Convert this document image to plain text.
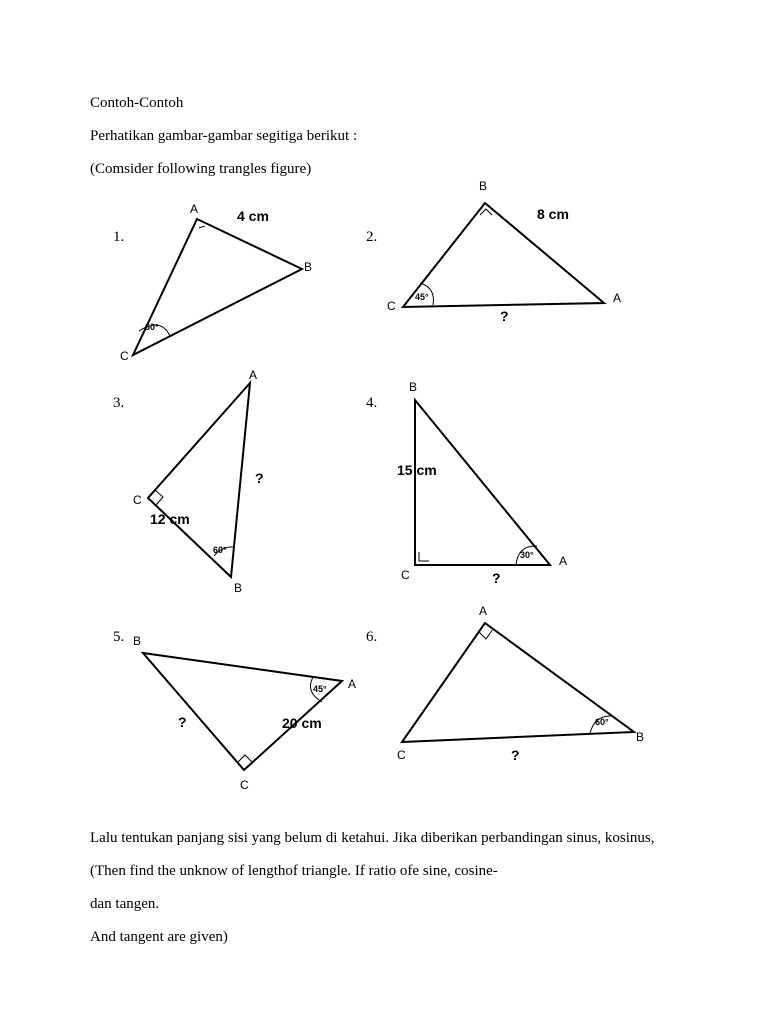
Contoh-Contoh
Perhatikan gambar-gambar segitiga berikut :
(Comsider following trangles figure)
1.	2.
3.	4.
5.	6.
A
B
C
4 cm
60°
B
A
C
8 cm
?
45°
A
C
B
12 cm
?
60°
B
C
A
15 cm
?
30°
B
A
C
20 cm
?
45°
A
B
C	?
60°
Lalu tentukan panjang sisi yang belum di ketahui. Jika diberikan perbandingan sinus, kosinus,
(Then find the unknow of lengthof triangle. If ratio ofe sine, cosine-
dan tangen.
And tangent are given)
